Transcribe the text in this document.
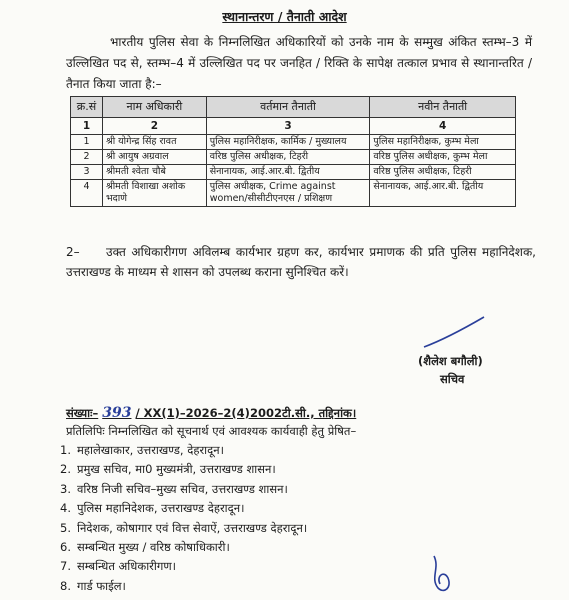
स्थानान्तरण / तैनाती आदेश
भारतीय पुलिस सेवा के निम्नलिखित अधिकारियों को उनके नाम के सम्मुख अंकित स्तम्भ–3 में उल्लिखित पद से, स्तम्भ–4 में उल्लिखित पद पर जनहित / रिक्ति के सापेक्ष तत्काल प्रभाव से स्थानान्तरित / तैनात किया जाता है:–
क्र.सं	नाम अधिकारी	वर्तमान तैनाती	नवीन तैनाती
1	2	3	4
1	श्री योगेन्द्र सिंह रावत	पुलिस महानिरीक्षक, कार्मिक / मुख्यालय	पुलिस महानिरीक्षक, कुम्भ मेला
2	श्री आयुष अग्रवाल	वरिष्ठ पुलिस अधीक्षक, टिहरी	वरिष्ठ पुलिस अधीक्षक, कुम्भ मेला
3	श्रीमती श्वेता चौबे	सेनानायक, आई.आर.बी. द्वितीय	वरिष्ठ पुलिस अधीक्षक, टिहरी
4	श्रीमती विशाखा अशोक भदाणे	पुलिस अधीक्षक, Crime against women/सीसीटीएनएस / प्रशिक्षण	सेनानायक, आई.आर.बी. द्वितीय
2– उक्त अधिकारीगण अविलम्ब कार्यभार ग्रहण कर, कार्यभार प्रमाणक की प्रति पुलिस महानिदेशक, उत्तराखण्ड के माध्यम से शासन को उपलब्ध कराना सुनिश्चित करें।
(शैलेश बगौली)
सचिव
संख्याः– 393 / XX(1)–2026–2(4)2002टी.सी., तद्दिनांक।
प्रतिलिपिः निम्नलिखित को सूचनार्थ एवं आवश्यक कार्यवाही हेतु प्रेषित–
1. महालेखाकार, उत्तराखण्ड, देहरादून।
2. प्रमुख सचिव, मा0 मुख्यमंत्री, उत्तराखण्ड शासन।
3. वरिष्ठ निजी सचिव–मुख्य सचिव, उत्तराखण्ड शासन।
4. पुलिस महानिदेशक, उत्तराखण्ड देहरादून।
5. निदेशक, कोषागार एवं वित्त सेवाऐं, उत्तराखण्ड देहरादून।
6. सम्बन्धित मुख्य / वरिष्ठ कोषाधिकारी।
7. सम्बन्धित अधिकारीगण।
8. गार्ड फाईल।
